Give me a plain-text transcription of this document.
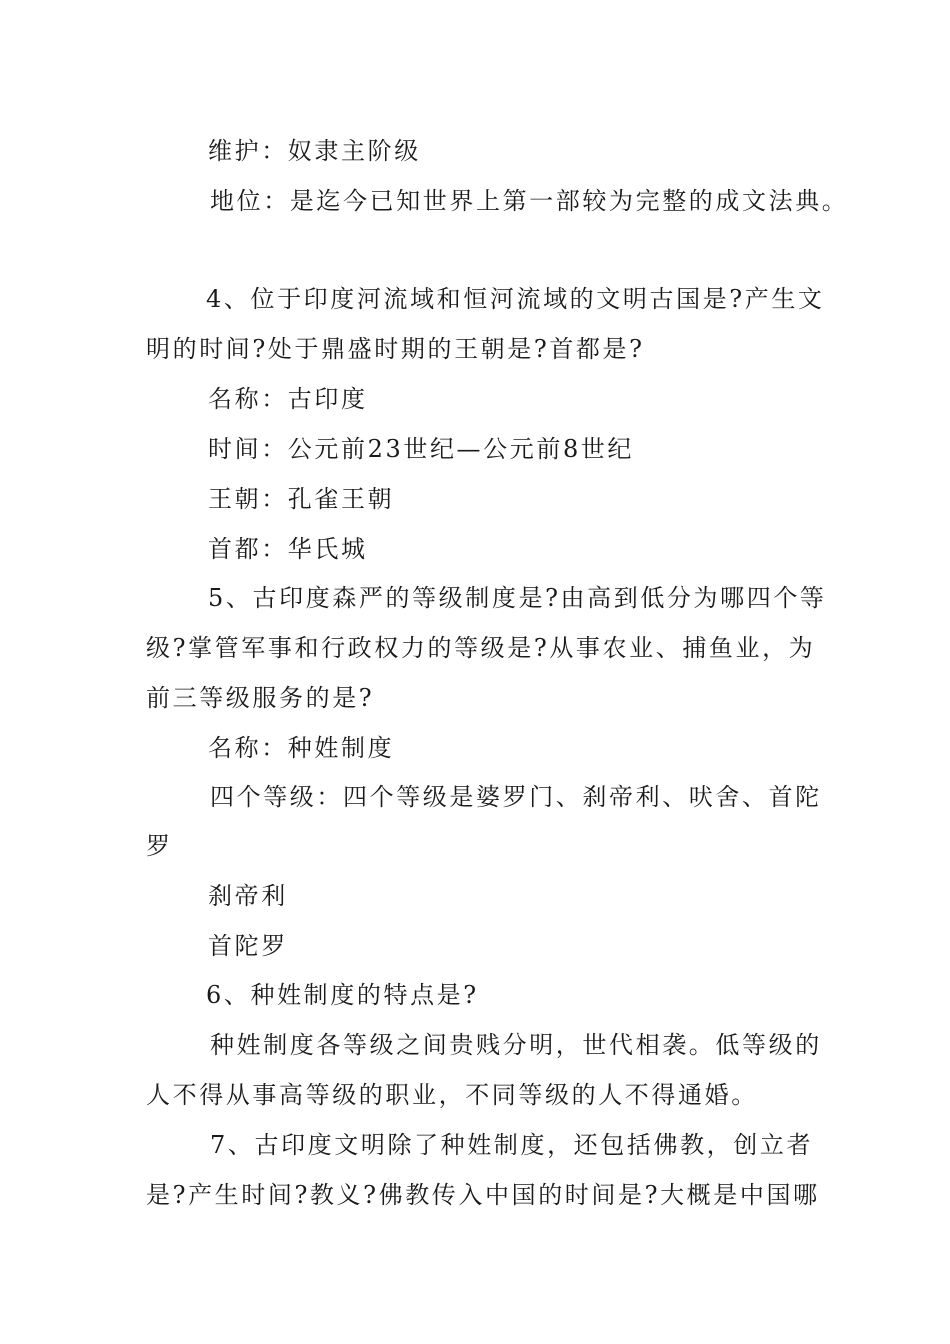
维护：奴隶主阶级
地位：是迄今已知世界上第一部较为完整的成文法典。
4、位于印度河流域和恒河流域的文明古国是?产生文
明的时间?处于鼎盛时期的王朝是?首都是?
名称：古印度
时间：公元前23世纪—公元前8世纪
王朝：孔雀王朝
首都：华氏城
5、古印度森严的等级制度是?由高到低分为哪四个等
级?掌管军事和行政权力的等级是?从事农业、捕鱼业，为
前三等级服务的是?
名称：种姓制度
四个等级：四个等级是婆罗门、刹帝利、吠舍、首陀
罗
刹帝利
首陀罗
6、种姓制度的特点是?
种姓制度各等级之间贵贱分明，世代相袭。低等级的
人不得从事高等级的职业，不同等级的人不得通婚。
7、古印度文明除了种姓制度，还包括佛教，创立者
是?产生时间?教义?佛教传入中国的时间是?大概是中国哪
